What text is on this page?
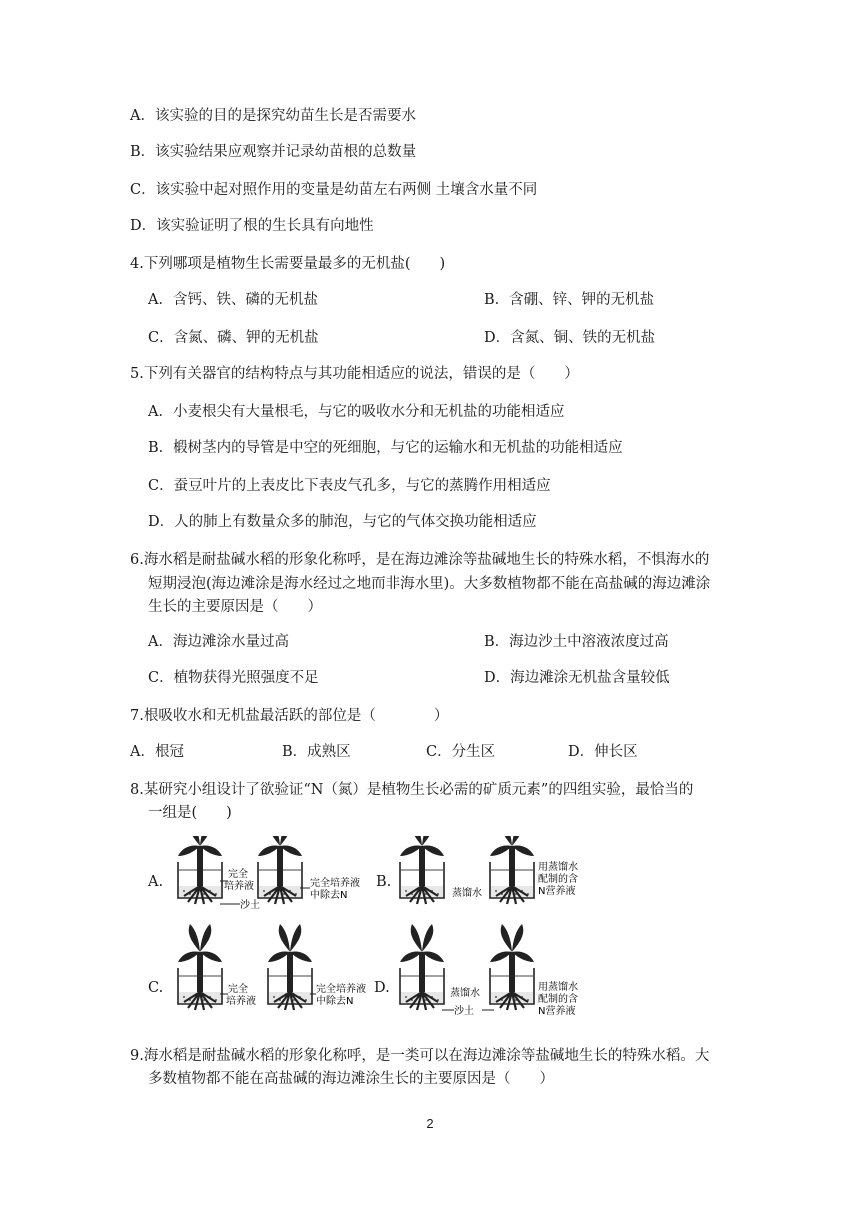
A．该实验的目的是探究幼苗生长是否需要水
B．该实验结果应观察并记录幼苗根的总数量
C．该实验中起对照作用的变量是幼苗左右两侧 土壤含水量不同
D．该实验证明了根的生长具有向地性
4.下列哪项是植物生长需要量最多的无机盐(　　)
A．含钙、铁、磷的无机盐	B．含硼、锌、钾的无机盐
C．含氮、磷、钾的无机盐	D．含氮、铜、铁的无机盐
5.下列有关器官的结构特点与其功能相适应的说法，错误的是（　　）
A．小麦根尖有大量根毛，与它的吸收水分和无机盐的功能相适应
B．椴树茎内的导管是中空的死细胞，与它的运输水和无机盐的功能相适应
C．蚕豆叶片的上表皮比下表皮气孔多，与它的蒸腾作用相适应
D．人的肺上有数量众多的肺泡，与它的气体交换功能相适应
6.海水稻是耐盐碱水稻的形象化称呼，是在海边滩涂等盐碱地生长的特殊水稻，不惧海水的
短期浸泡(海边滩涂是海水经过之地而非海水里)。大多数植物都不能在高盐碱的海边滩涂
生长的主要原因是（　　）
A．海边滩涂水量过高	B．海边沙土中溶液浓度过高
C．植物获得光照强度不足	D．海边滩涂无机盐含量较低
7.根吸收水和无机盐最活跃的部位是（　　　　）
A．根冠	B．成熟区	C．分生区	D．伸长区
8.某研究小组设计了欲验证“N（氮）是植物生长必需的矿质元素”的四组实验，最恰当的
一组是(　　)
A.	B.
C.	D.
完全
培养液
沙土
完全培养液
中除去N	蒸馏水
用蒸馏水
配制的含
N营养液
完全
培养液
完全培养液
中除去N
蒸馏水
沙土
用蒸馏水
配制的含
N营养液
9.海水稻是耐盐碱水稻的形象化称呼，是一类可以在海边滩涂等盐碱地生长的特殊水稻。大
多数植物都不能在高盐碱的海边滩涂生长的主要原因是（　　）
2
